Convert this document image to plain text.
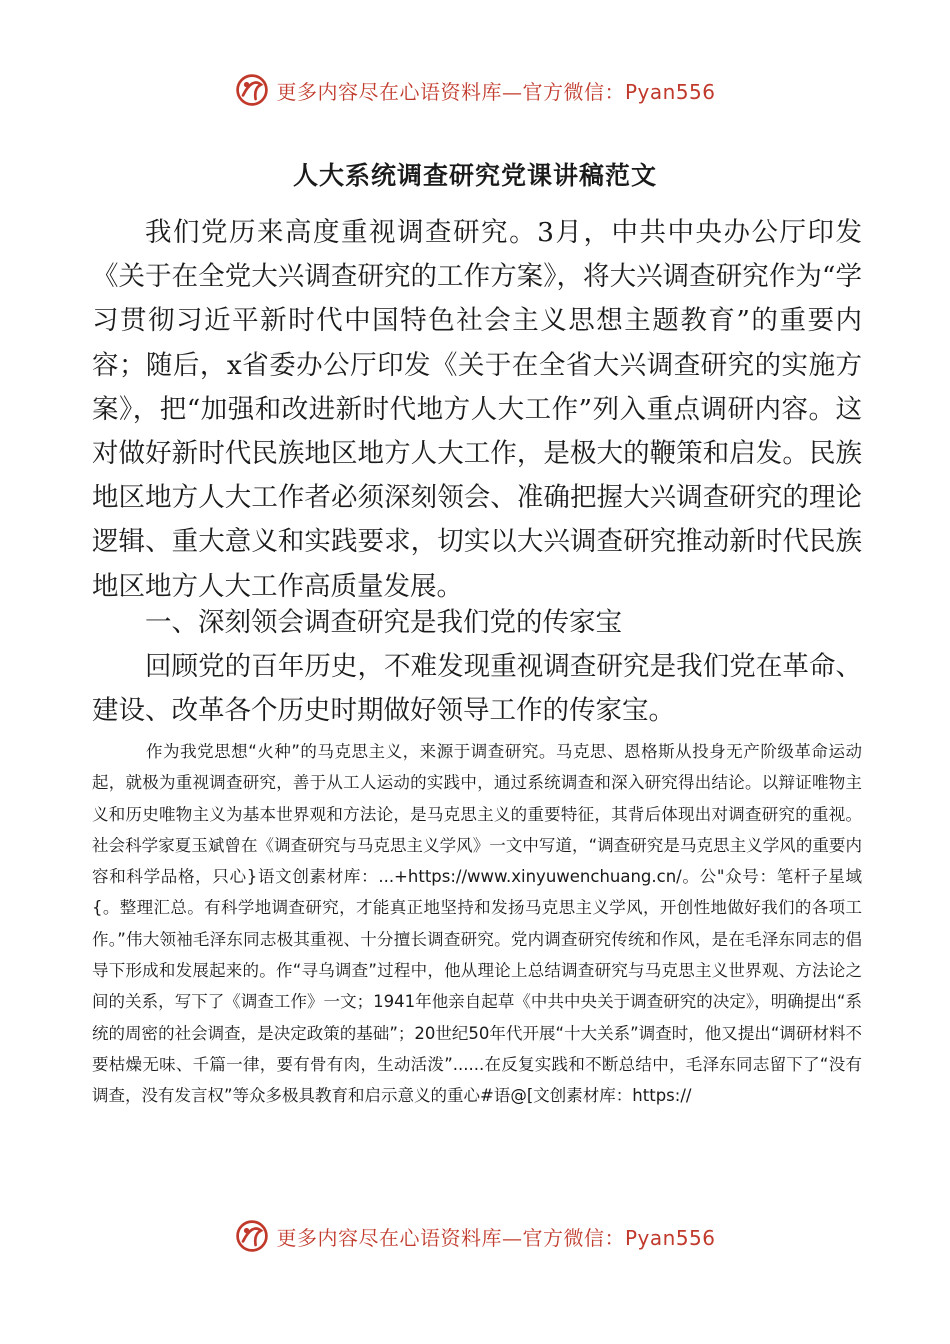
更多内容尽在心语资料库—官方微信：Pyan556
人大系统调查研究党课讲稿范文

我们党历来高度重视调查研究。3月，中共中央办公厅印发《关于在全党大兴调查研究的工作方案》，将大兴调查研究作为“学习贯彻习近平新时代中国特色社会主义思想主题教育”的重要内容；随后，x省委办公厅印发《关于在全省大兴调查研究的实施方案》，把“加强和改进新时代地方人大工作”列入重点调研内容。这对做好新时代民族地区地方人大工作，是极大的鞭策和启发。民族地区地方人大工作者必须深刻领会、准确把握大兴调查研究的理论逻辑、重大意义和实践要求，切实以大兴调查研究推动新时代民族地区地方人大工作高质量发展。

一、深刻领会调查研究是我们党的传家宝

回顾党的百年历史，不难发现重视调查研究是我们党在革命、建设、改革各个历史时期做好领导工作的传家宝。

作为我党思想“火种”的马克思主义，来源于调查研究。马克思、恩格斯从投身无产阶级革命运动起，就极为重视调查研究，善于从工人运动的实践中，通过系统调查和深入研究得出结论。以辩证唯物主义和历史唯物主义为基本世界观和方法论，是马克思主义的重要特征，其背后体现出对调查研究的重视。社会科学家夏玉斌曾在《调查研究与马克思主义学风》一文中写道，“调查研究是马克思主义学风的重要内容和科学品格，只心}语文创素材库：...+https://www.xinyuwenchuang.cn/。公"众号：笔杆子星域{。整理汇总。有科学地调查研究，才能真正地坚持和发扬马克思主义学风，开创性地做好我们的各项工作。”伟大领袖毛泽东同志极其重视、十分擅长调查研究。党内调查研究传统和作风，是在毛泽东同志的倡导下形成和发展起来的。作“寻乌调查”过程中，他从理论上总结调查研究与马克思主义世界观、方法论之间的关系，写下了《调查工作》一文；1941年他亲自起草《中共中央关于调查研究的决定》，明确提出“系统的周密的社会调查，是决定政策的基础”；20世纪50年代开展“十大关系”调查时，他又提出“调研材料不要枯燥无味、千篇一律，要有骨有肉，生动活泼”......在反复实践和不断总结中，毛泽东同志留下了“没有调查，没有发言权”等众多极具教育和启示意义的重心#语@[文创素材库：https://

更多内容尽在心语资料库—官方微信：Pyan556
